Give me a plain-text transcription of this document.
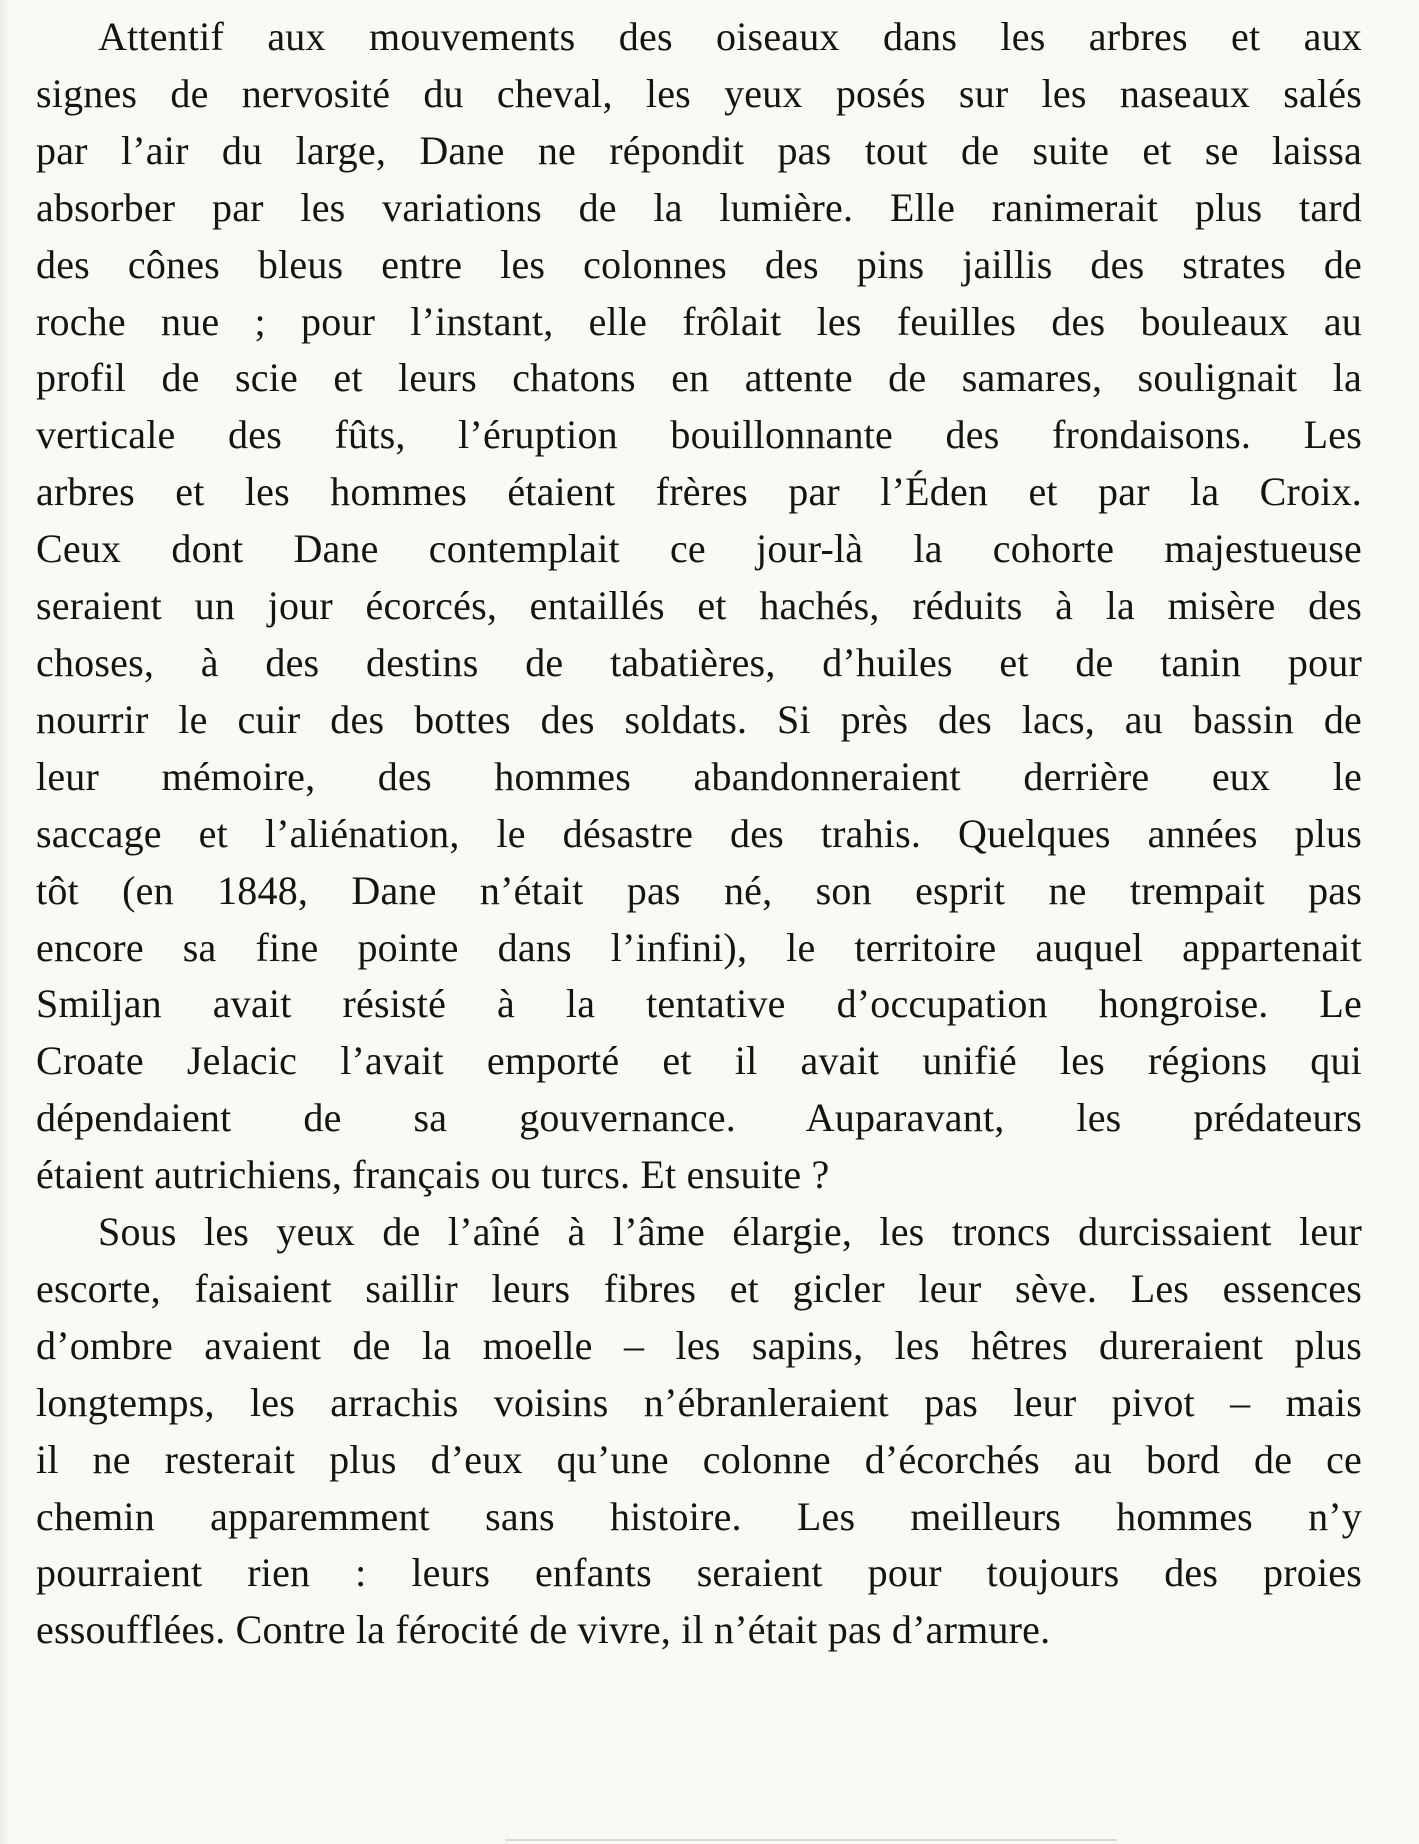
Attentif aux mouvements des oiseaux dans les arbres et aux
signes de nervosité du cheval, les yeux posés sur les naseaux salés
par l’air du large, Dane ne répondit pas tout de suite et se laissa
absorber par les variations de la lumière. Elle ranimerait plus tard
des cônes bleus entre les colonnes des pins jaillis des strates de
roche nue ; pour l’instant, elle frôlait les feuilles des bouleaux au
profil de scie et leurs chatons en attente de samares, soulignait la
verticale des fûts, l’éruption bouillonnante des frondaisons. Les
arbres et les hommes étaient frères par l’Éden et par la Croix.
Ceux dont Dane contemplait ce jour-là la cohorte majestueuse
seraient un jour écorcés, entaillés et hachés, réduits à la misère des
choses, à des destins de tabatières, d’huiles et de tanin pour
nourrir le cuir des bottes des soldats. Si près des lacs, au bassin de
leur mémoire, des hommes abandonneraient derrière eux le
saccage et l’aliénation, le désastre des trahis. Quelques années plus
tôt (en 1848, Dane n’était pas né, son esprit ne trempait pas
encore sa fine pointe dans l’infini), le territoire auquel appartenait
Smiljan avait résisté à la tentative d’occupation hongroise. Le
Croate Jelacic l’avait emporté et il avait unifié les régions qui
dépendaient de sa gouvernance. Auparavant, les prédateurs
étaient autrichiens, français ou turcs. Et ensuite ?
Sous les yeux de l’aîné à l’âme élargie, les troncs durcissaient leur
escorte, faisaient saillir leurs fibres et gicler leur sève. Les essences
d’ombre avaient de la moelle – les sapins, les hêtres dureraient plus
longtemps, les arrachis voisins n’ébranleraient pas leur pivot – mais
il ne resterait plus d’eux qu’une colonne d’écorchés au bord de ce
chemin apparemment sans histoire. Les meilleurs hommes n’y
pourraient rien : leurs enfants seraient pour toujours des proies
essoufflées. Contre la férocité de vivre, il n’était pas d’armure.
